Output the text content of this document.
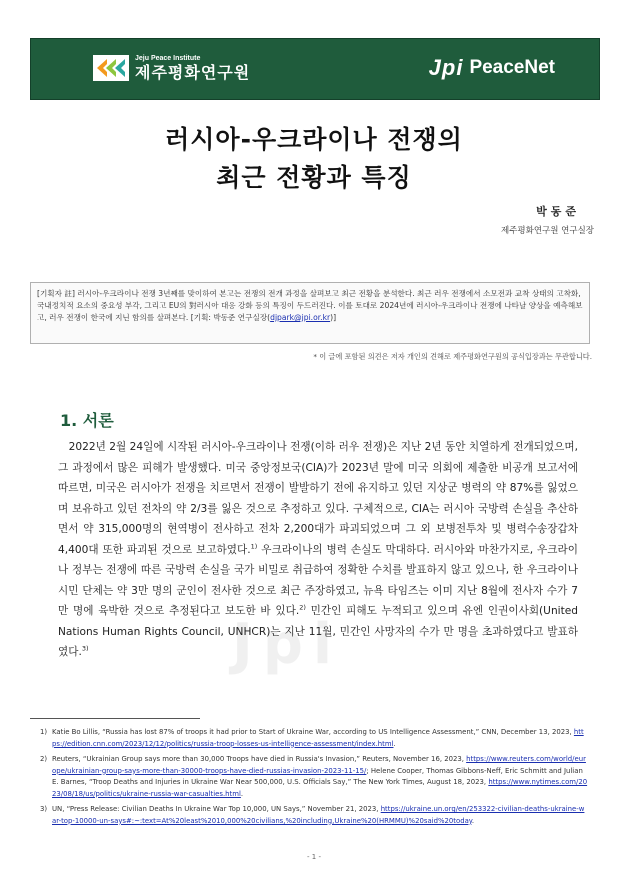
Jeju Peace Institute
제주평화연구원	Jpi PeaceNet
러시아-우크라이나 전쟁의
최근 전황과 특징
박동준
제주평화연구원 연구실장
[기획자 註] 러시아-우크라이나 전쟁 3년째를 맞이하여 본고는 전쟁의 전개 과정을 살펴보고 최근 전황을 분석한다. 최근 러우 전쟁에서 소모전과 교착 상태의 고착화, 국내정치적 요소의 중요성 부각, 그리고 EU의 對러시아 대응 강화 등의 특징이 두드러진다. 이를 토대로 2024년에 러시아-우크라이나 전쟁에 나타날 양상을 예측해보고, 러우 전쟁이 한국에 지닌 함의를 살펴본다. [기획: 박동준 연구실장(djpark@jpi.or.kr)]
* 이 글에 포함된 의견은 저자 개인의 견해로 제주평화연구원의 공식입장과는 무관합니다.
1. 서론

　2022년 2월 24일에 시작된 러시아-우크라이나 전쟁(이하 러우 전쟁)은 지난 2년 동안 치열하게 전개되었으며, 그 과정에서 많은 피해가 발생했다. 미국 중앙정보국(CIA)가 2023년 말에 미국 의회에 제출한 비공개 보고서에 따르면, 미국은 러시아가 전쟁을 치르면서 전쟁이 발발하기 전에 유지하고 있던 지상군 병력의 약 87%를 잃었으며 보유하고 있던 전차의 약 2/3를 잃은 것으로 추정하고 있다. 구체적으로, CIA는 러시아 국방력 손실을 추산하면서 약 315,000명의 현역병이 전사하고 전차 2,200대가 파괴되었으며 그 외 보병전투차 및 병력수송장갑차 4,400대 또한 파괴된 것으로 보고하였다.$^{1)}$ 우크라이나의 병력 손실도 막대하다. 러시아와 마찬가지로, 우크라이나 정부는 전쟁에 따른 국방력 손실을 국가 비밀로 취급하여 정확한 수치를 발표하지 않고 있으나, 한 우크라이나 시민 단체는 약 3만 명의 군인이 전사한 것으로 최근 주장하였고, 뉴욕 타임즈는 이미 지난 8월에 전사자 수가 7만 명에 육박한 것으로 추정된다고 보도한 바 있다.$^{2)}$ 민간인 피해도 누적되고 있으며 유엔 인권이사회(United Nations Human Rights Council, UNHCR)는 지난 11월, 민간인 사망자의 수가 만 명을 초과하였다고 발표하였다.$^{3)}$	Jpi
1) Katie Bo Lillis, “Russia has lost 87% of troops it had prior to Start of Ukraine War, according to US Intelligence Assessment,” CNN, December 13, 2023, https://edition.cnn.com/2023/12/12/politics/russia-troop-losses-us-intelligence-assessment/index.html.
2) Reuters, “Ukrainian Group says more than 30,000 Troops have died in Russia's Invasion,” Reuters, November 16, 2023, https://www.reuters.com/world/europe/ukrainian-group-says-more-than-30000-troops-have-died-russias-invasion-2023-11-15/; Helene Cooper, Thomas Gibbons-Neff, Eric Schmitt and Julian E. Barnes, “Troop Deaths and Injuries in Ukraine War Near 500,000, U.S. Officials Say,” The New York Times, August 18, 2023, https://www.nytimes.com/2023/08/18/us/politics/ukraine-russia-war-casualties.html.
3) UN, “Press Release: Civilian Deaths In Ukraine War Top 10,000, UN Says,” November 21, 2023, https://ukraine.un.org/en/253322-civilian-deaths-ukraine-war-top-10000-un-says#:~:text=At%20least%2010,000%20civilians,%20including,Ukraine%20(HRMMU)%20said%20today.
- 1 -
